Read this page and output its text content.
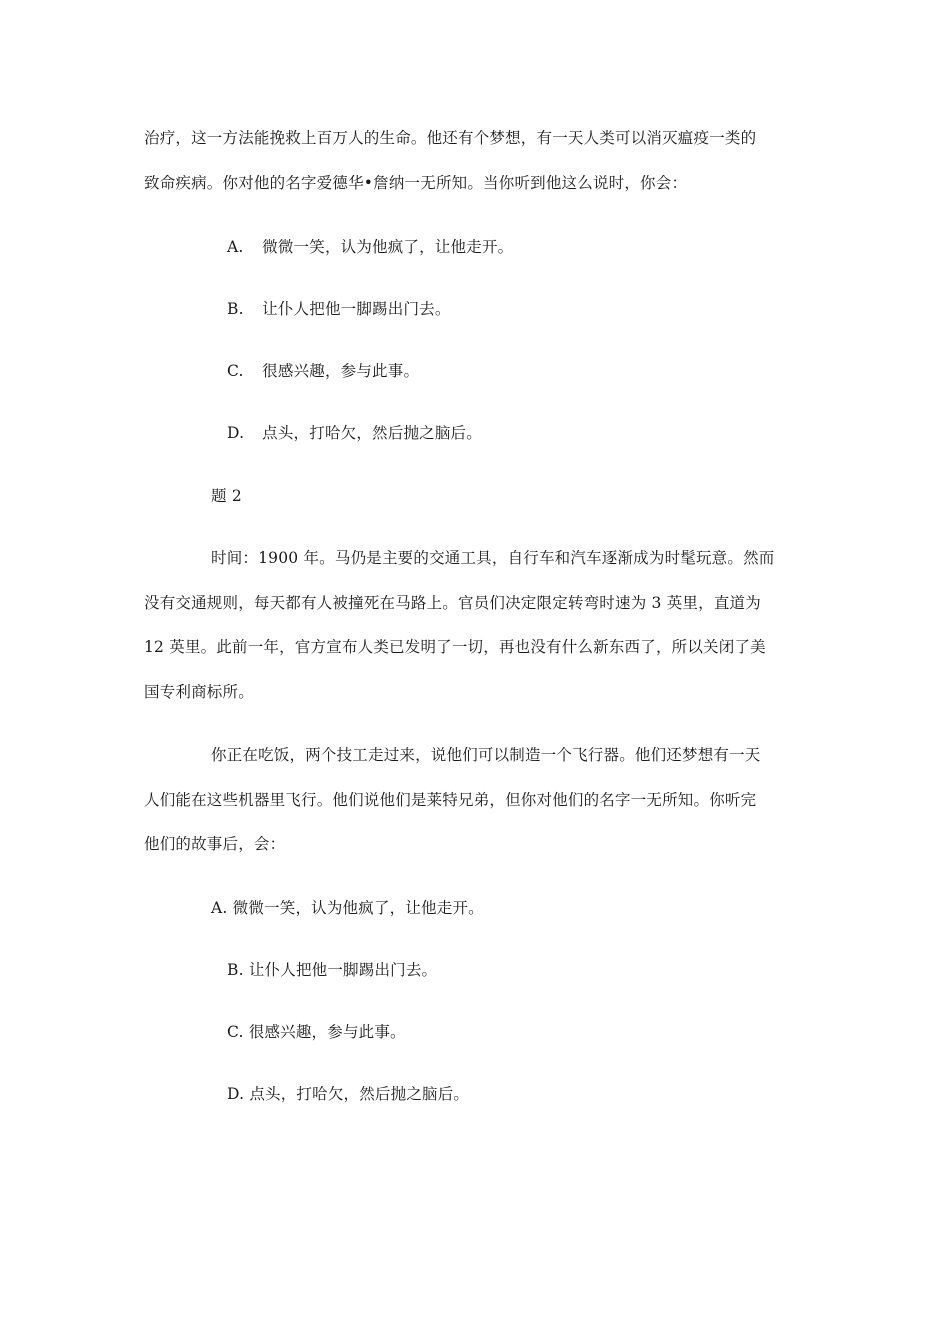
治疗，这一方法能挽救上百万人的生命。他还有个梦想，有一天人类可以消灭瘟疫一类的
致命疾病。你对他的名字爱德华•詹纳一无所知。当你听到他这么说时，你会：
A. 微微一笑，认为他疯了，让他走开。
B. 让仆人把他一脚踢出门去。
C. 很感兴趣，参与此事。
D. 点头，打哈欠，然后抛之脑后。
题 2
时间：1900 年。马仍是主要的交通工具，自行车和汽车逐渐成为时髦玩意。然而
没有交通规则，每天都有人被撞死在马路上。官员们决定限定转弯时速为 3 英里，直道为
12 英里。此前一年，官方宣布人类已发明了一切，再也没有什么新东西了，所以关闭了美
国专利商标所。
你正在吃饭，两个技工走过来，说他们可以制造一个飞行器。他们还梦想有一天
人们能在这些机器里飞行。他们说他们是莱特兄弟，但你对他们的名字一无所知。你听完
他们的故事后，会：
A. 微微一笑，认为他疯了，让他走开。
B. 让仆人把他一脚踢出门去。
C. 很感兴趣，参与此事。
D. 点头，打哈欠，然后抛之脑后。
